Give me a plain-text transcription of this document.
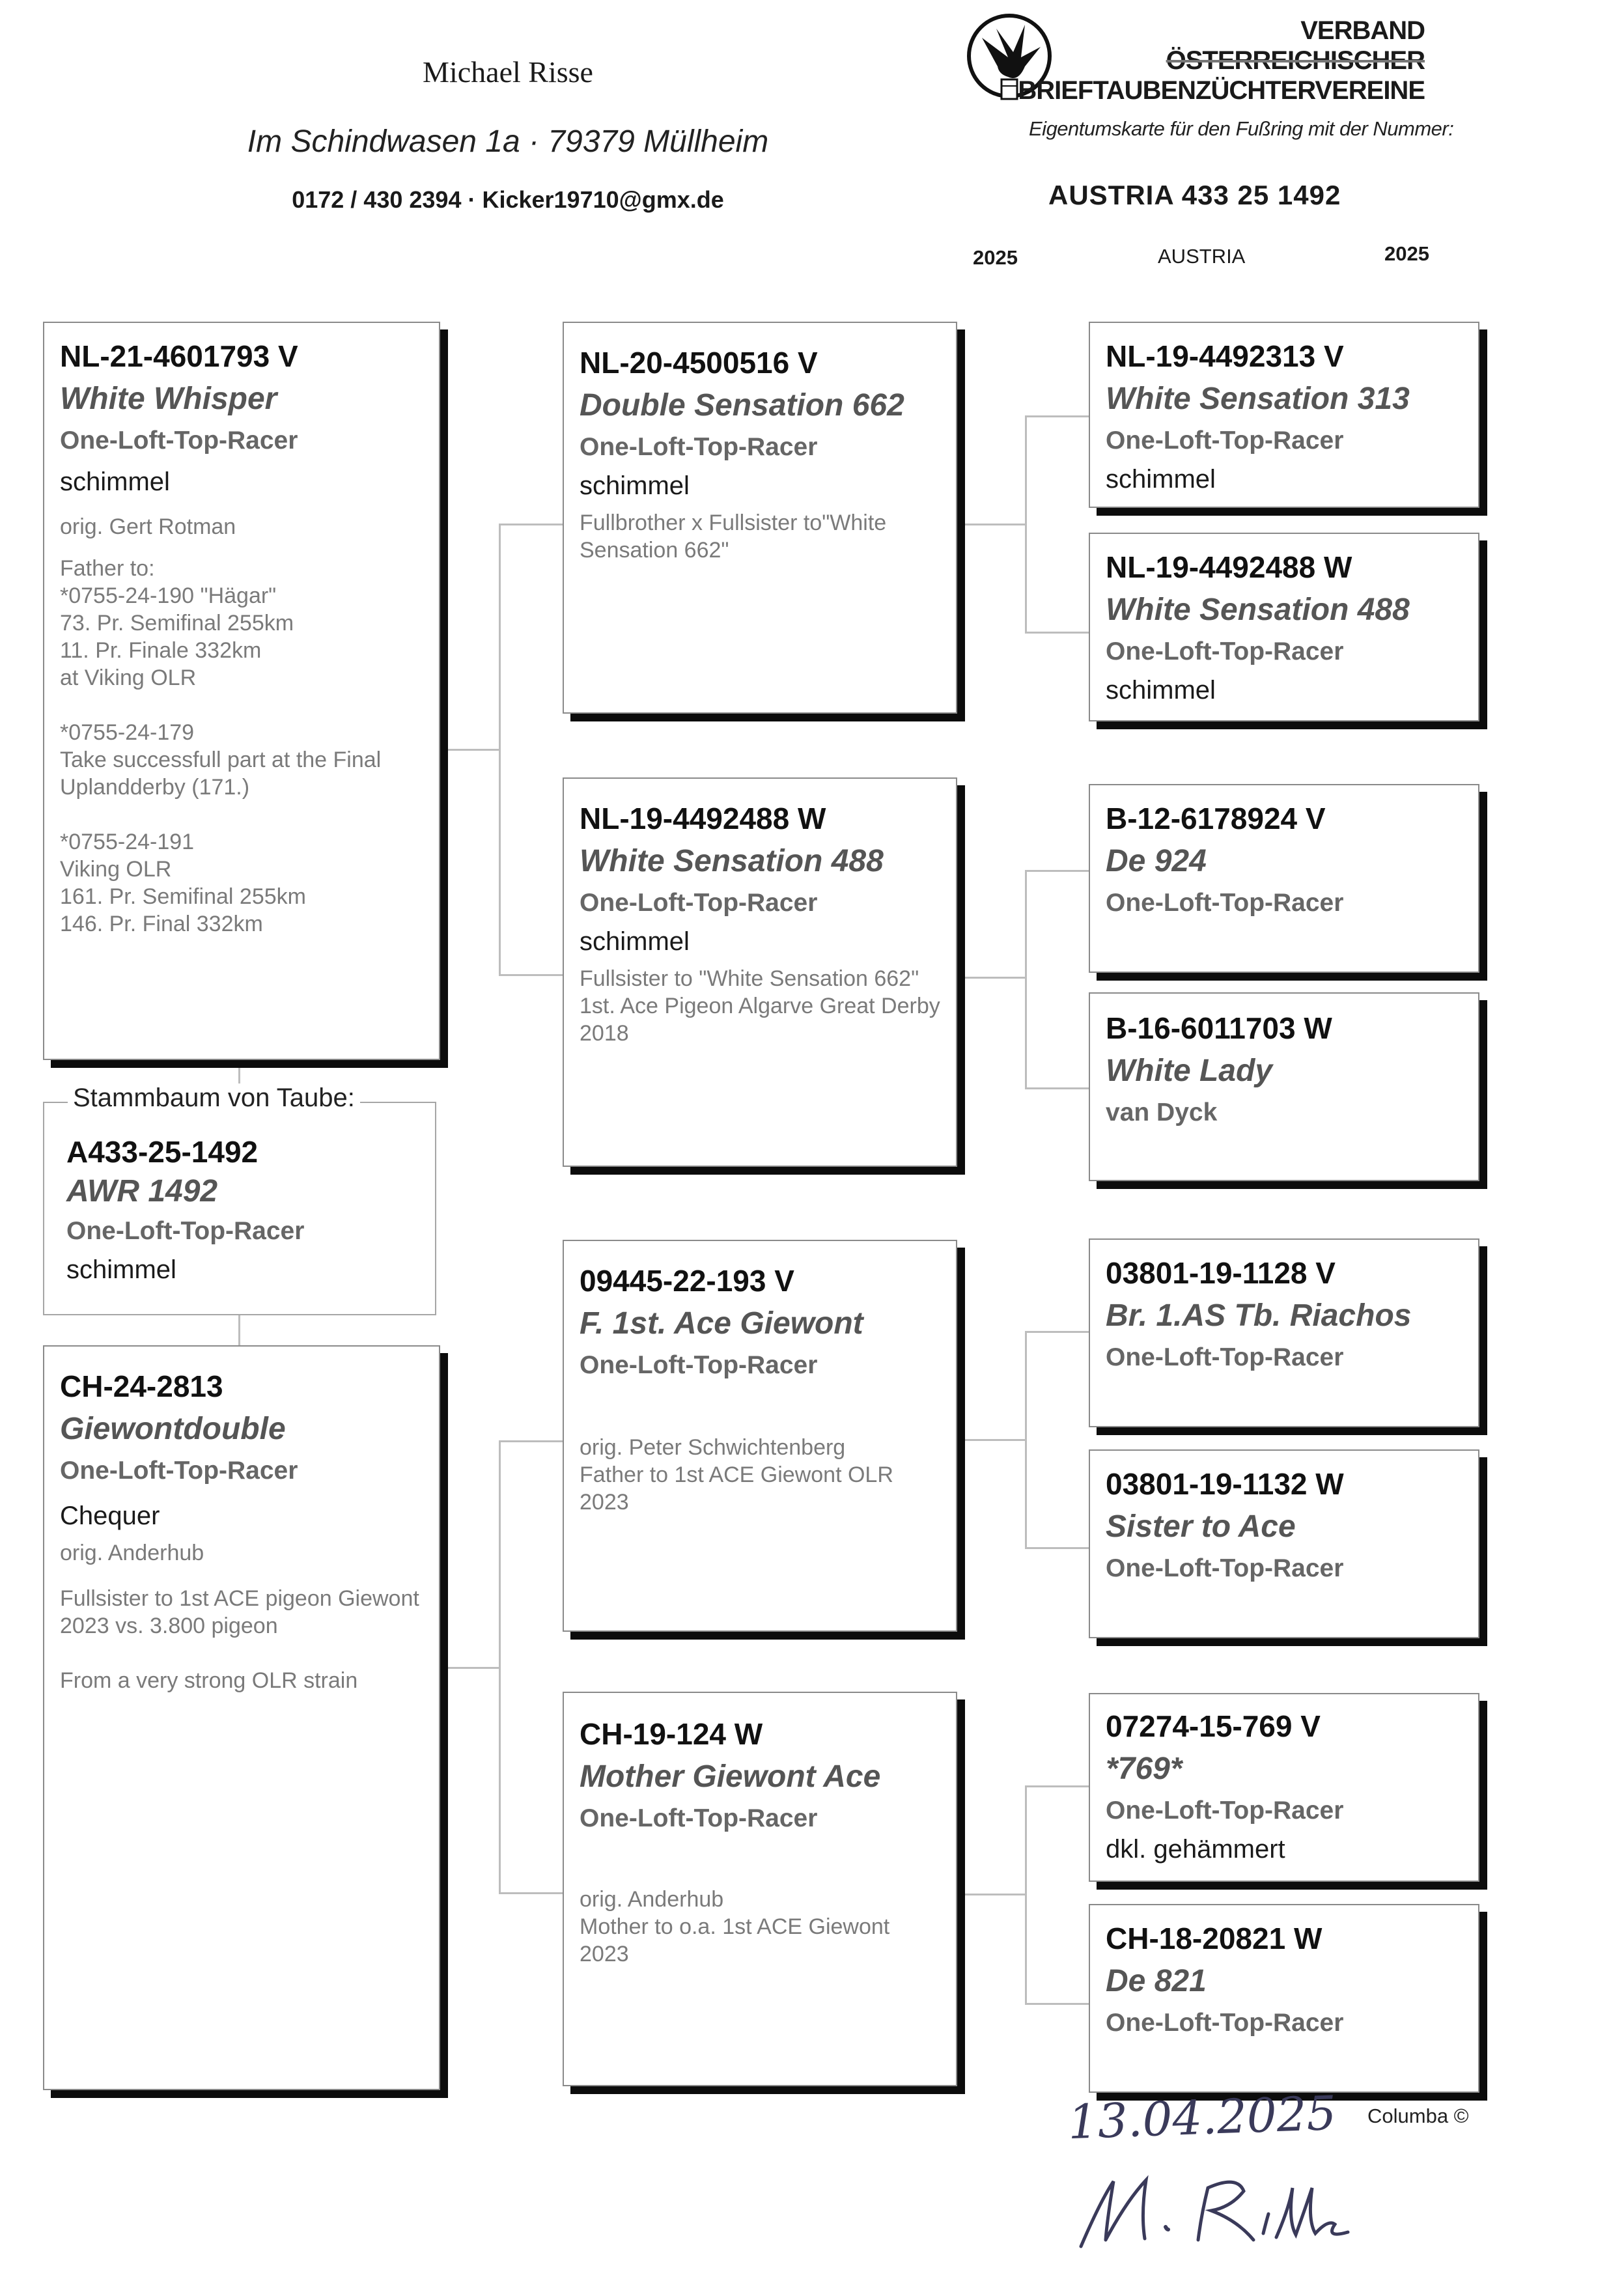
Michael Risse
Im Schindwasen 1a · 79379 Müllheim
0172 / 430 2394 · Kicker19710@gmx.de
VERBAND
ÖSTERREICHISCHER
BRIEFTAUBENZÜCHTERVEREINE
Eigentumskarte für den Fußring mit der Nummer:
AUSTRIA 433 25 1492
2025	AUSTRIA	2025
NL-21-4601793 V
White Whisper
One-Loft-Top-Racer
schimmel
orig. Gert Rotman
Father to:
*0755-24-190 "Hägar"
73. Pr. Semifinal 255km
11. Pr. Finale 332km
at Viking OLR

*0755-24-179
Take successfull part at the Final Uplandderby (171.)

*0755-24-191
Viking OLR
161. Pr. Semifinal 255km
146. Pr. Final 332km
A433-25-1492
AWR 1492
One-Loft-Top-Racer
schimmel
Stammbaum von Taube:
CH-24-2813
Giewontdouble
One-Loft-Top-Racer
Chequer
orig. Anderhub
Fullsister to 1st ACE pigeon Giewont 2023 vs. 3.800 pigeon

From a very strong OLR strain
NL-20-4500516 V
Double Sensation 662
One-Loft-Top-Racer
schimmel
Fullbrother x Fullsister to"White Sensation 662"
NL-19-4492488 W
White Sensation 488
One-Loft-Top-Racer
schimmel
Fullsister to "White Sensation 662"
1st. Ace Pigeon Algarve Great Derby 2018
09445-22-193 V
F. 1st. Ace Giewont
One-Loft-Top-Racer
orig. Peter Schwichtenberg
Father to 1st ACE Giewont OLR 2023
CH-19-124 W
Mother Giewont Ace
One-Loft-Top-Racer
orig. Anderhub
Mother to o.a. 1st ACE Giewont 2023
NL-19-4492313 V
White Sensation 313
One-Loft-Top-Racer
schimmel
NL-19-4492488 W
White Sensation 488
One-Loft-Top-Racer
schimmel
B-12-6178924 V
De 924
One-Loft-Top-Racer
B-16-6011703 W
White Lady
van Dyck
03801-19-1128 V
Br. 1.AS Tb. Riachos
One-Loft-Top-Racer
03801-19-1132 W
Sister to Ace
One-Loft-Top-Racer
07274-15-769 V
*769*
One-Loft-Top-Racer
dkl. gehämmert
CH-18-20821 W
De 821
One-Loft-Top-Racer
13.04.2025 Columba ©
